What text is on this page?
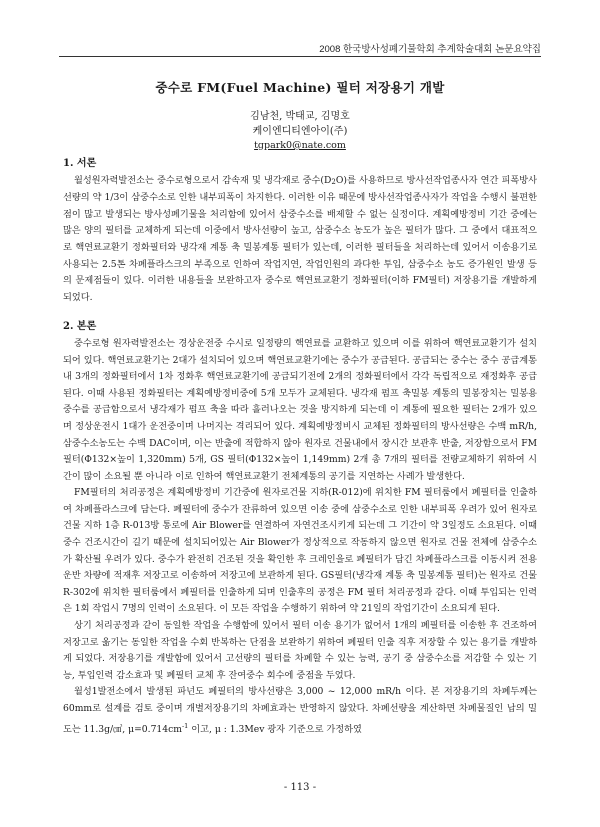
2008 한국방사성폐기물학회 추계학술대회 논문요약집
중수로 FM(Fuel Machine) 필터 저장용기 개발
김남천, 박태교, 김명호
케이엔디티엔아이(주)
tgpark0@nate.com

1. 서론

월성원자력발전소는 중수로형으로서 감속재 및 냉각재로 중수(D2O)를 사용하므로 방사선작업종사자 연간 피폭방사선량의 약 1/3이 삼중수소로 인한 내부피폭이 차지한다. 이러한 이유 때문에 방사선작업종사자가 작업을 수행시 불편한 점이 많고 발생되는 방사성폐기물을 처리함에 있어서 삼중수소를 배제할 수 없는 실정이다. 계획예방정비 기간 중에는 많은 양의 필터를 교체하게 되는데 이중에서 방사선량이 높고, 삼중수소 농도가 높은 필터가 많다. 그 중에서 대표적으로 핵연료교환기 정화필터와 냉각재 계통 축 밀봉계통 필터가 있는데, 이러한 필터들을 처리하는데 있어서 이송용기로 사용되는 2.5톤 차폐플라스크의 부족으로 인하여 작업지연, 작업인원의 과다한 투입, 삼중수소 농도 증가원인 발생 등의 문제점들이 있다. 이러한 내용들을 보완하고자 중수로 핵연료교환기 정화필터(이하 FM필터) 저장용기를 개발하게 되었다.

2. 본론

중수로형 원자력발전소는 경상운전중 수시로 일정량의 핵연료를 교환하고 있으며 이를 위하여 핵연료교환기가 설치되어 있다. 핵연료교환기는 2대가 설치되어 있으며 핵연료교환기에는 중수가 공급된다. 공급되는 중수는 중수 공급계통내 3개의 정화필터에서 1차 정화후 핵연료교환기에 공급되기전에 2개의 정화필터에서 각각 독립적으로 재정화후 공급된다. 이때 사용된 정화필터는 계획예방정비중에 5개 모두가 교체된다. 냉각재 펌프 축밀봉 계통의 밀봉장치는 밀봉용 중수를 공급함으로서 냉각재가 펌프 축을 따라 흘러나오는 것을 방지하게 되는데 이 계통에 필요한 필터는 2개가 있으며 정상운전시 1대가 운전중이며 나머지는 격리되어 있다. 계획예방정비시 교체된 정화필터의 방사선량은 수백 mR/h, 삼중수소농도는 수백 DAC이며, 이는 반출에 적합하지 않아 원자로 건물내에서 장시간 보관후 반출, 저장함으로서 FM 필터(Φ132×높이 1,320mm) 5개, GS 필터(Φ132×높이 1,149mm) 2개 총 7개의 필터를 전량교체하기 위하여 시간이 많이 소요될 뿐 아니라 이로 인하여 핵연료교환기 전체계통의 공기를 지연하는 사례가 발생한다.

FM필터의 처리공정은 계획예방정비 기간중에 원자로건물 지하(R-012)에 위치한 FM 필터룸에서 폐필터를 인출하여 차폐플라스크에 담는다. 폐필터에 중수가 잔류하여 있으면 이송 중에 삼중수소로 인한 내부피폭 우려가 있어 원자로 건물 지하 1층 R-013방 통로에 Air Blower를 연결하여 자연건조시키게 되는데 그 기간이 약 3일정도 소요된다. 이때 중수 건조시간이 길기 때문에 설치되어있는 Air Blower가 정상적으로 작동하지 않으면 원자로 건물 전체에 삼중수소가 확산될 우려가 있다. 중수가 완전히 건조된 것을 확인한 후 크레인을로 폐필터가 담긴 차폐플라스크를 이동시켜 전용운반 차량에 적재후 저장고로 이송하여 저장고에 보관하게 된다. GS필터(냉각재 계통 축 밀봉계통 필터)는 원자로 건물 R-302에 위치한 필터룸에서 폐필터를 인출하게 되며 인출후의 공정은 FM 필터 처리공정과 같다. 이때 투입되는 인력은 1회 작업시 7명의 인력이 소요된다. 이 모든 작업을 수행하기 위하여 약 21일의 작업기간이 소요되게 된다.

상기 처리공정과 같이 동일한 작업을 수행함에 있어서 필터 이송 용기가 없어서 1개의 폐필터를 이송한 후 건조하여 저장고로 옮기는 동일한 작업을 수회 반복하는 단점을 보완하기 위하여 폐필터 인출 직후 저장할 수 있는 용기를 개발하게 되었다. 저장용기를 개발함에 있어서 고선량의 필터를 차폐할 수 있는 능력, 공기 중 삼중수소를 저감할 수 있는 기능, 투입인력 감소효과 및 폐필터 교체 후 잔여중수 회수에 중점을 두었다.

월성1발전소에서 발생된 파넌도 폐필터의 방사선량은 3,000 ~ 12,000 mR/h 이다. 본 저장용기의 차폐두께는 60mm로 설계를 검토 중이며 개별저장용기의 차폐효과는 반영하지 않았다. 차폐선량을 계산하면 차폐물질인 납의 밀도는 11.3g/㎤, $\mu=0.714cm^{-1}$ 이고, μ : 1.3Mev 광자 기준으로 가정하였

- 113 -
